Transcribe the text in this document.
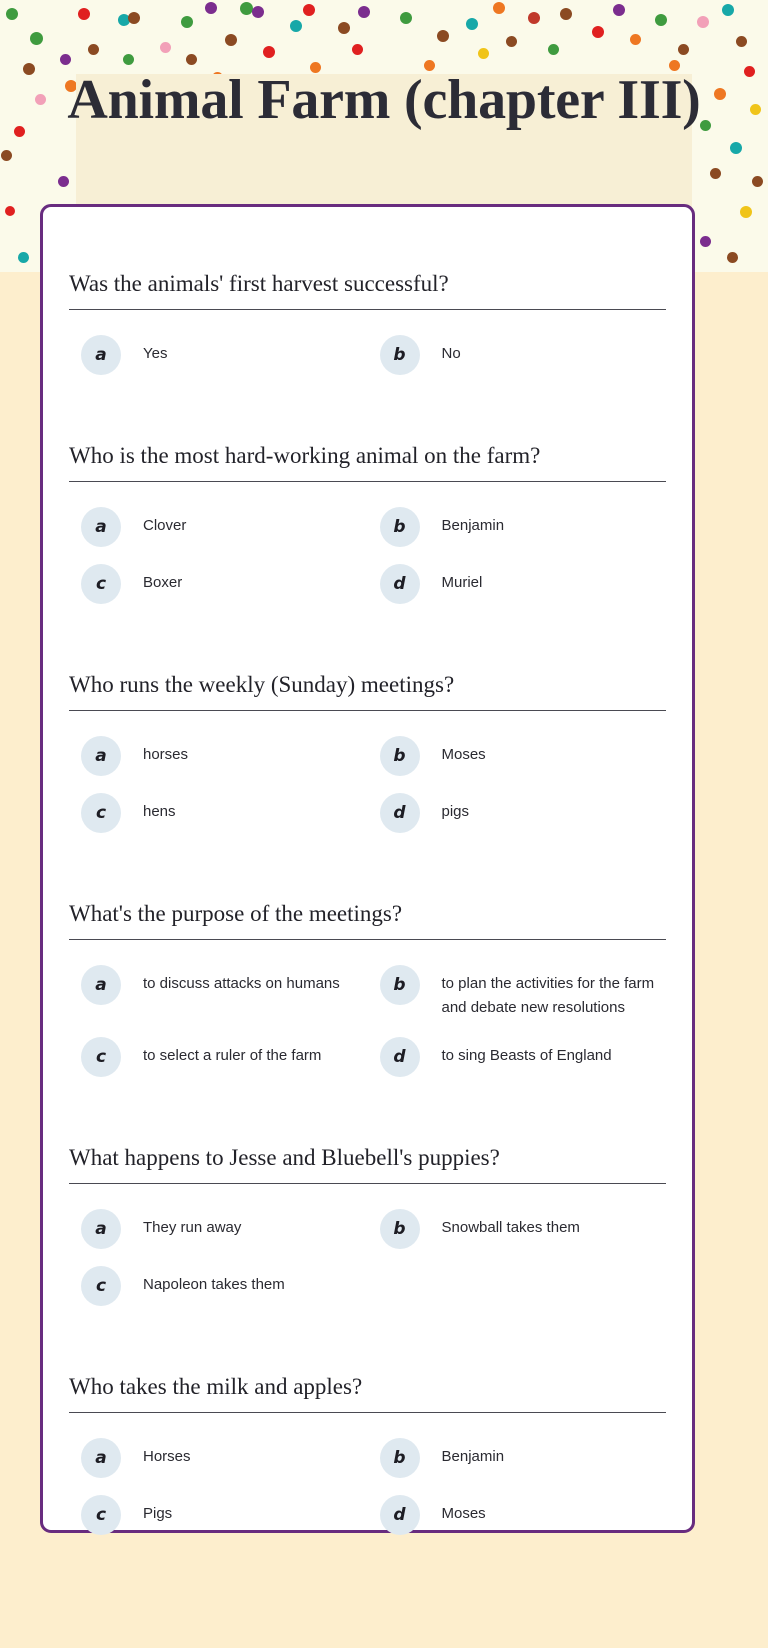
Animal Farm (chapter III)
Was the animals' first harvest successful?
a	Yes	b	No
Who is the most hard-working animal on the farm?
a	Clover	b	Benjamin
c	Boxer	d	Muriel
Who runs the weekly (Sunday) meetings?
a	horses	b	Moses
c	hens	d	pigs
What's the purpose of the meetings?
a	to discuss attacks on humans	b	to plan the activities for the farm and debate new resolutions
c	to select a ruler of the farm	d	to sing Beasts of England
What happens to Jesse and Bluebell's puppies?
a	They run away	b	Snowball takes them
c	Napoleon takes them
Who takes the milk and apples?
a	Horses	b	Benjamin
c	Pigs	d	Moses
